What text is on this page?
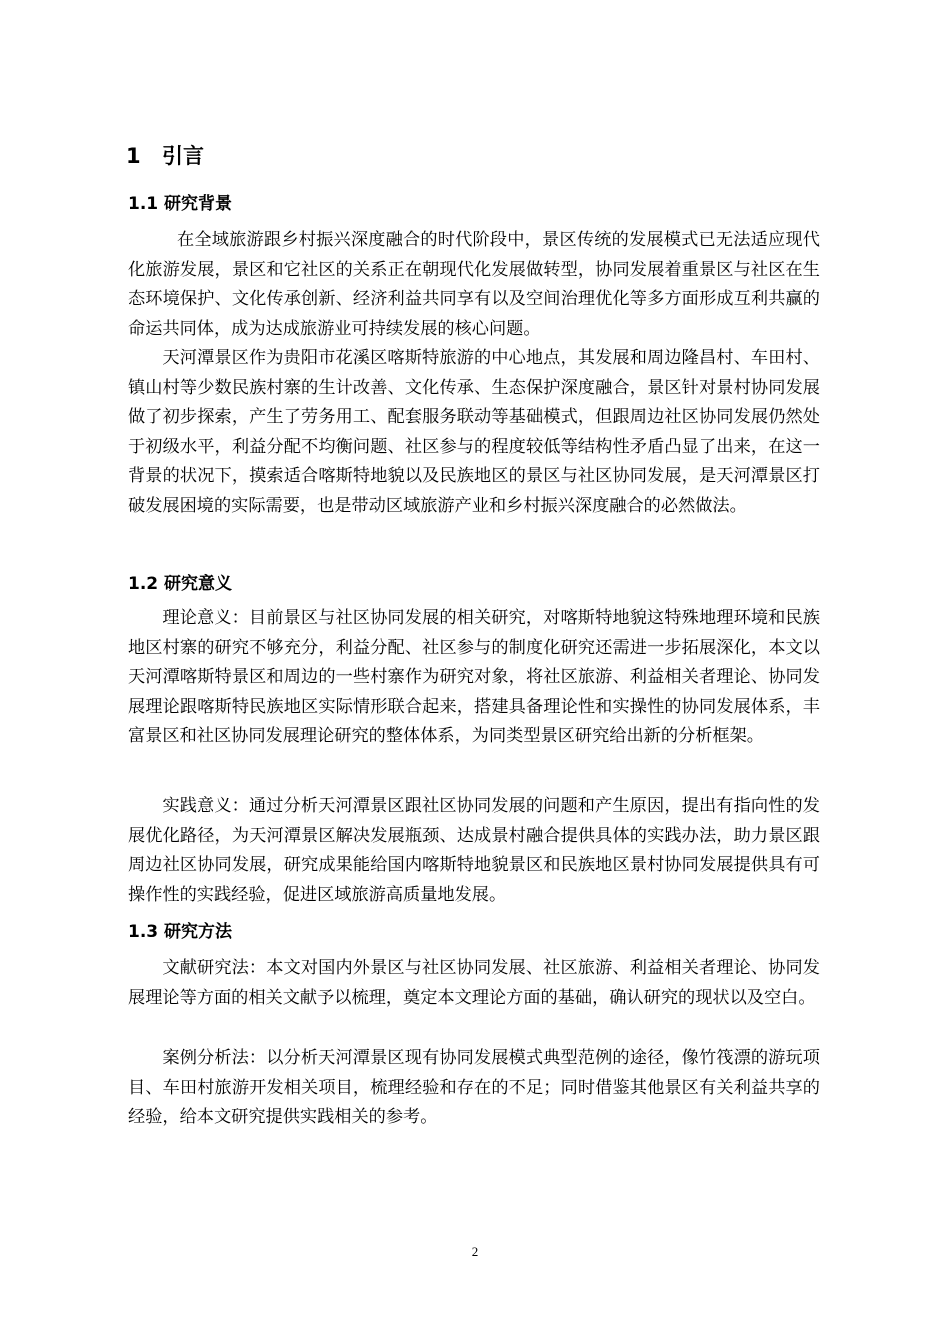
1 引言
1.1 研究背景

在全域旅游跟乡村振兴深度融合的时代阶段中，景区传统的发展模式已无法适应现代化旅游发展，景区和它社区的关系正在朝现代化发展做转型，协同发展着重景区与社区在生态环境保护、文化传承创新、经济利益共同享有以及空间治理优化等多方面形成互利共赢的命运共同体，成为达成旅游业可持续发展的核心问题。

天河潭景区作为贵阳市花溪区喀斯特旅游的中心地点，其发展和周边隆昌村、车田村、镇山村等少数民族村寨的生计改善、文化传承、生态保护深度融合，景区针对景村协同发展做了初步探索，产生了劳务用工、配套服务联动等基础模式，但跟周边社区协同发展仍然处于初级水平，利益分配不均衡问题、社区参与的程度较低等结构性矛盾凸显了出来，在这一背景的状况下，摸索适合喀斯特地貌以及民族地区的景区与社区协同发展，是天河潭景区打破发展困境的实际需要，也是带动区域旅游产业和乡村振兴深度融合的必然做法。

1.2 研究意义

理论意义：目前景区与社区协同发展的相关研究，对喀斯特地貌这特殊地理环境和民族地区村寨的研究不够充分，利益分配、社区参与的制度化研究还需进一步拓展深化，本文以天河潭喀斯特景区和周边的一些村寨作为研究对象，将社区旅游、利益相关者理论、协同发展理论跟喀斯特民族地区实际情形联合起来，搭建具备理论性和实操性的协同发展体系，丰富景区和社区协同发展理论研究的整体体系，为同类型景区研究给出新的分析框架。

实践意义：通过分析天河潭景区跟社区协同发展的问题和产生原因，提出有指向性的发展优化路径，为天河潭景区解决发展瓶颈、达成景村融合提供具体的实践办法，助力景区跟周边社区协同发展，研究成果能给国内喀斯特地貌景区和民族地区景村协同发展提供具有可操作性的实践经验，促进区域旅游高质量地发展。

1.3 研究方法

文献研究法：本文对国内外景区与社区协同发展、社区旅游、利益相关者理论、协同发展理论等方面的相关文献予以梳理，奠定本文理论方面的基础，确认研究的现状以及空白。

案例分析法：以分析天河潭景区现有协同发展模式典型范例的途径，像竹筏漂的游玩项目、车田村旅游开发相关项目，梳理经验和存在的不足；同时借鉴其他景区有关利益共享的经验，给本文研究提供实践相关的参考。

2
